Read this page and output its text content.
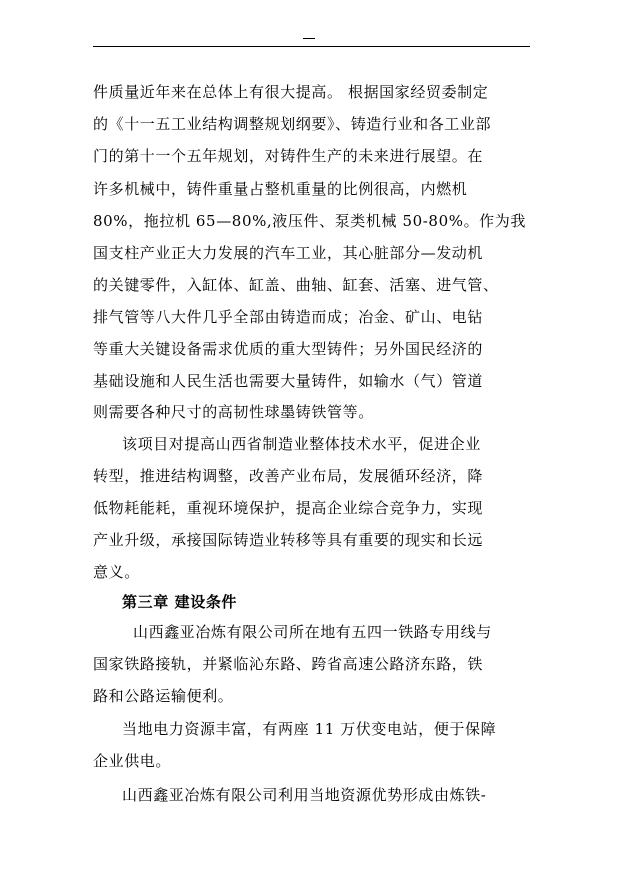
件质量近年来在总体上有很大提高。 根据国家经贸委制定
的《十一五工业结构调整规划纲要》、铸造行业和各工业部
门的第十一个五年规划，对铸件生产的未来进行展望。在
许多机械中，铸件重量占整机重量的比例很高，内燃机
80%，拖拉机 65—80%,液压件、泵类机械 50-80%。作为我
国支柱产业正大力发展的汽车工业，其心脏部分—发动机
的关键零件，入缸体、缸盖、曲轴、缸套、活塞、进气管、
排气管等八大件几乎全部由铸造而成；冶金、矿山、电钻
等重大关键设备需求优质的重大型铸件；另外国民经济的
基础设施和人民生活也需要大量铸件，如输水（气）管道
则需要各种尺寸的高韧性球墨铸铁管等。
该项目对提高山西省制造业整体技术水平，促进企业
转型，推进结构调整，改善产业布局，发展循环经济，降
低物耗能耗，重视环境保护，提高企业综合竞争力，实现
产业升级，承接国际铸造业转移等具有重要的现实和长远
意义。
第三章 建设条件
山西鑫亚冶炼有限公司所在地有五四一铁路专用线与
国家铁路接轨，并紧临沁东路、跨省高速公路济东路，铁
路和公路运输便利。
当地电力资源丰富，有两座 11 万伏变电站，便于保障
企业供电。
山西鑫亚冶炼有限公司利用当地资源优势形成由炼铁-
